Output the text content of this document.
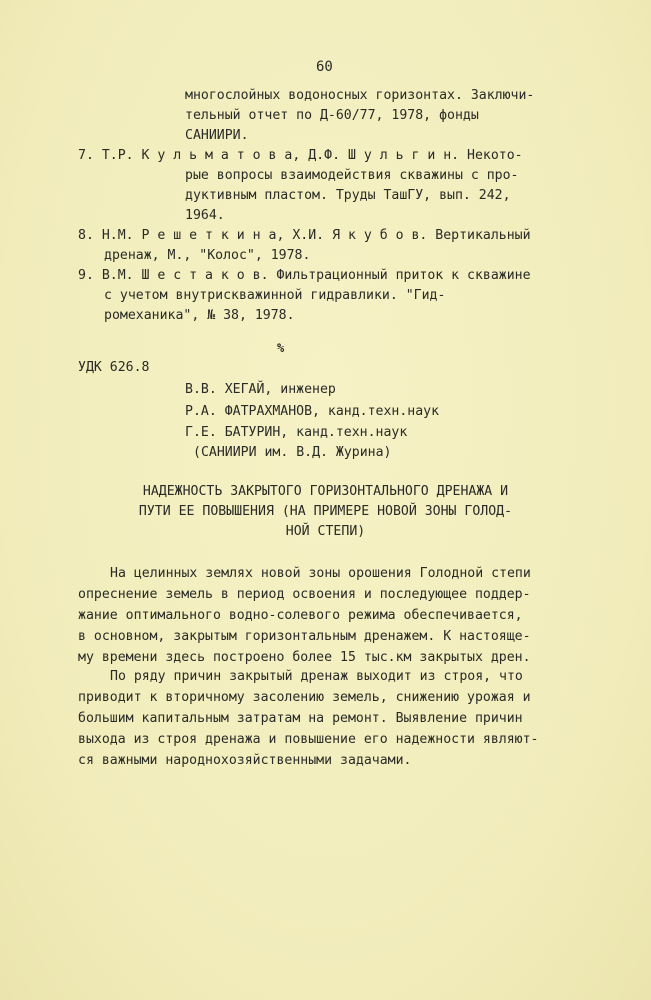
60
многослойных водоносных горизонтах. Заключи-
тельный отчет по Д-60/77, 1978, фонды
САНИИРИ.
7. Т.Р. К у л ь м а т о в а, Д.Ф. Ш у л ь г и н. Некото-
рые вопросы взаимодействия скважины с про-
дуктивным пластом. Труды ТашГУ, вып. 242,
1964.
8. Н.М. Р е ш е т к и н а, Х.И. Я к у б о в. Вертикальный
дренаж, М., "Колос", 1978.
9. В.М. Ш е с т а к о в. Фильтрационный приток к скважине
с учетом внутрискважинной гидравлики. "Гид-
ромеханика", № 38, 1978.
%
УДК 626.8
В.В. ХЕГАЙ, инженер
Р.А. ФАТРАХМАНОВ, канд.техн.наук
Г.Е. БАТУРИН, канд.техн.наук
(САНИИРИ им. В.Д. Журина)
НАДЕЖНОСТЬ ЗАКРЫТОГО ГОРИЗОНТАЛЬНОГО ДРЕНАЖА И
ПУТИ ЕЕ ПОВЫШЕНИЯ (НА ПРИМЕРЕ НОВОЙ ЗОНЫ ГОЛОД-
НОЙ СТЕПИ)
На целинных землях новой зоны орошения Голодной степи
опреснение земель в период освоения и последующее поддер-
жание оптимального водно-солевого режима обеспечивается,
в основном, закрытым горизонтальным дренажем. К настояще-
му времени здесь построено более 15 тыс.км закрытых дрен.
По ряду причин закрытый дренаж выходит из строя, что
приводит к вторичному засолению земель, снижению урожая и
большим капитальным затратам на ремонт. Выявление причин
выхода из строя дренажа и повышение его надежности являют-
ся важными народнохозяйственными задачами.
